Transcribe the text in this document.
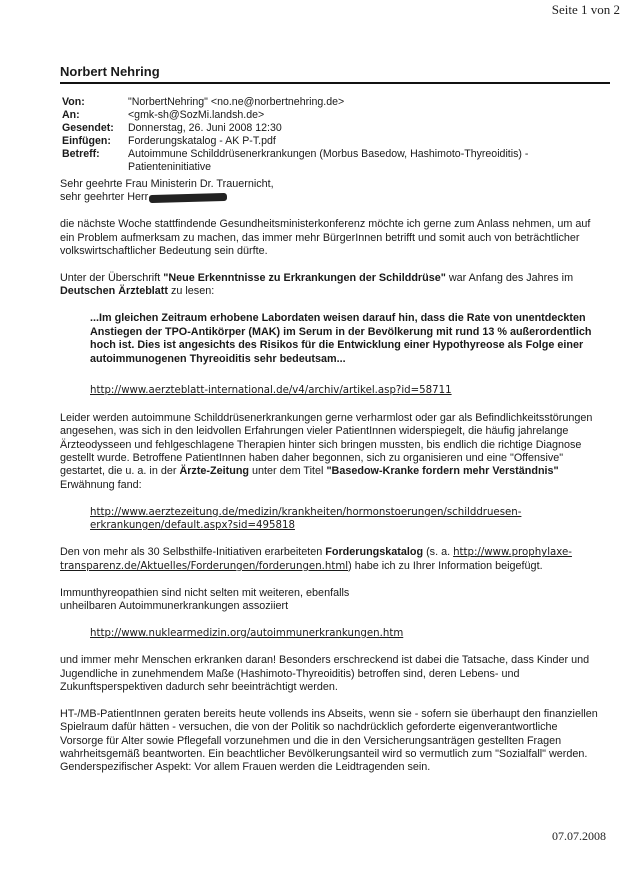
Seite 1 von 2
Norbert Nehring
Von:	"NorbertNehring" <no.ne@norbertnehring.de>
An:	<gmk-sh@SozMi.landsh.de>
Gesendet:	Donnerstag, 26. Juni 2008 12:30
Einfügen:	Forderungskatalog - AK P-T.pdf
Betreff:	Autoimmune Schilddrüsenerkrankungen (Morbus Basedow, Hashimoto-Thyreoiditis) - Patienteninitiative
Sehr geehrte Frau Ministerin Dr. Trauernicht,
sehr geehrter Herr

die nächste Woche stattfindende Gesundheitsministerkonferenz möchte ich gerne zum Anlass nehmen, um auf ein Problem aufmerksam zu machen, das immer mehr BürgerInnen betrifft und somit auch von beträchtlicher volkswirtschaftlicher Bedeutung sein dürfte.

Unter der Überschrift "Neue Erkenntnisse zu Erkrankungen der Schilddrüse" war Anfang des Jahres im Deutschen Ärzteblatt zu lesen:

...Im gleichen Zeitraum erhobene Labordaten weisen darauf hin, dass die Rate von unentdeckten Anstiegen der TPO-Antikörper (MAK) im Serum in der Bevölkerung mit rund 13 % außerordentlich hoch ist. Dies ist angesichts des Risikos für die Entwicklung einer Hypothyreose als Folge einer autoimmunogenen Thyreoiditis sehr bedeutsam...
http://www.aerzteblatt-international.de/v4/archiv/artikel.asp?id=58711

Leider werden autoimmune Schilddrüsenerkrankungen gerne verharmlost oder gar als Befindlichkeitsstörungen angesehen, was sich in den leidvollen Erfahrungen vieler PatientInnen widerspiegelt, die häufig jahrelange Ärzteodysseen und fehlgeschlagene Therapien hinter sich bringen mussten, bis endlich die richtige Diagnose gestellt wurde. Betroffene PatientInnen haben daher begonnen, sich zu organisieren und eine "Offensive" gestartet, die u. a. in der Ärzte-Zeitung unter dem Titel "Basedow-Kranke fordern mehr Verständnis" Erwähnung fand:

http://www.aerztezeitung.de/medizin/krankheiten/hormonstoerungen/schilddruesen-erkrankungen/default.aspx?sid=495818

Den von mehr als 30 Selbsthilfe-Initiativen erarbeiteten Forderungskatalog (s. a. http://www.prophylaxe-transparenz.de/Aktuelles/Forderungen/forderungen.html) habe ich zu Ihrer Information beigefügt.

Immunthyreopathien sind nicht selten mit weiteren, ebenfalls
unheilbaren Autoimmunerkrankungen assoziiert

http://www.nuklearmedizin.org/autoimmunerkrankungen.htm

und immer mehr Menschen erkranken daran! Besonders erschreckend ist dabei die Tatsache, dass Kinder und Jugendliche in zunehmendem Maße (Hashimoto-Thyreoiditis) betroffen sind, deren Lebens- und Zukunftsperspektiven dadurch sehr beeinträchtigt werden.

HT-/MB-PatientInnen geraten bereits heute vollends ins Abseits, wenn sie - sofern sie überhaupt den finanziellen Spielraum dafür hätten - versuchen, die von der Politik so nachdrücklich geforderte eigenverantwortliche Vorsorge für Alter sowie Pflegefall vorzunehmen und die in den Versicherungsanträgen gestellten Fragen wahrheitsgemäß beantworten. Ein beachtlicher Bevölkerungsanteil wird so vermutlich zum "Sozialfall" werden. Genderspezifischer Aspekt: Vor allem Frauen werden die Leidtragenden sein.

07.07.2008
